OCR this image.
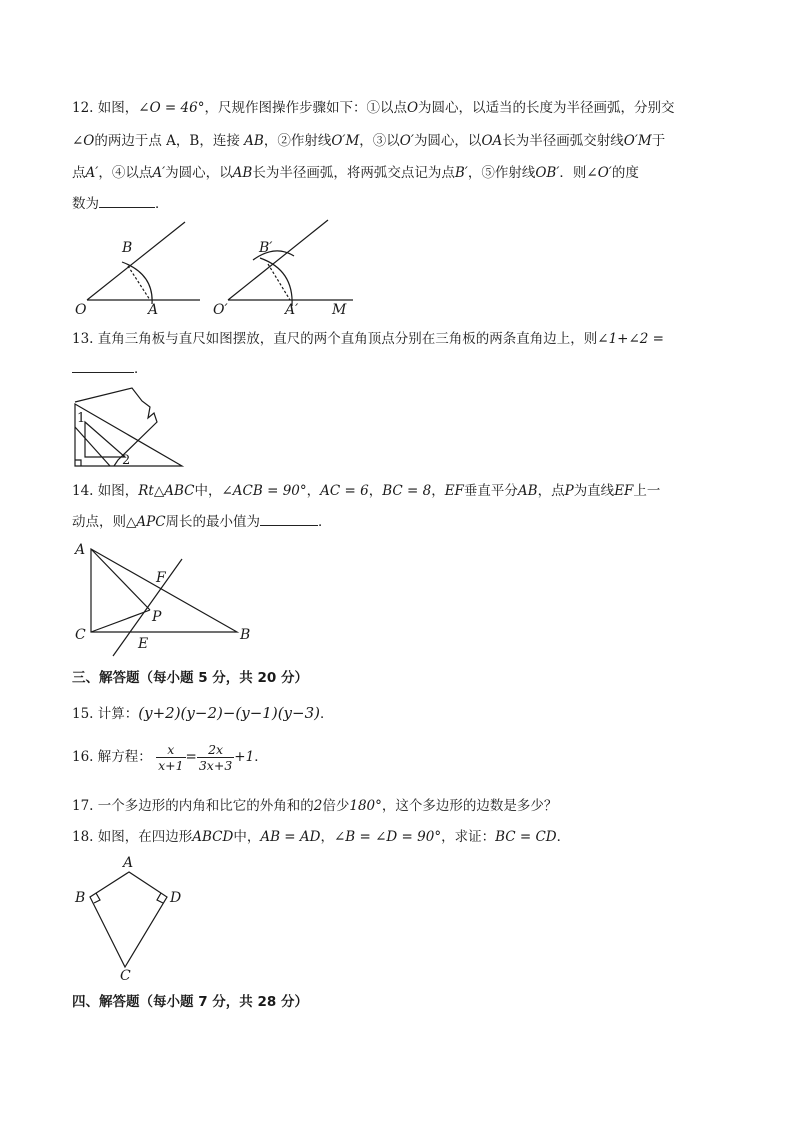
12. 如图，∠O = 46°，尺规作图操作步骤如下：①以点O为圆心，以适当的长度为半径画弧，分别交
∠O的两边于点 A，B，连接 AB，②作射线O′M，③以O′为圆心，以OA长为半径画弧交射线O′M于
点A′，④以点A′为圆心，以AB长为半径画弧，将两弧交点记为点B′，⑤作射线OB′．则∠O′的度
数为	．
B
O	A
B′
O′	A′ M
13. 直角三角板与直尺如图摆放，直尺的两个直角顶点分别在三角板的两条直角边上，则∠1+∠2 =
．
1
2
14. 如图，Rt△ABC中，∠ACB = 90°，AC = 6，BC = 8，EF垂直平分AB，点P为直线EF上一
动点，则△APC周长的最小值为	．
A
F
P
C
E
B
三、解答题（每小题 5 分，共 20 分）
15. 计算：(y+2)(y−2)−(y−1)(y−3)．
16. 解方程： $\frac{x}{x+1} = \frac{2x}{3x+3} +1$．
17. 一个多边形的内角和比它的外角和的2倍少180°，这个多边形的边数是多少？
18. 如图，在四边形ABCD中，AB = AD，∠B = ∠D = 90°，求证：BC = CD．
A
B	D
C
四、解答题（每小题 7 分，共 28 分）
